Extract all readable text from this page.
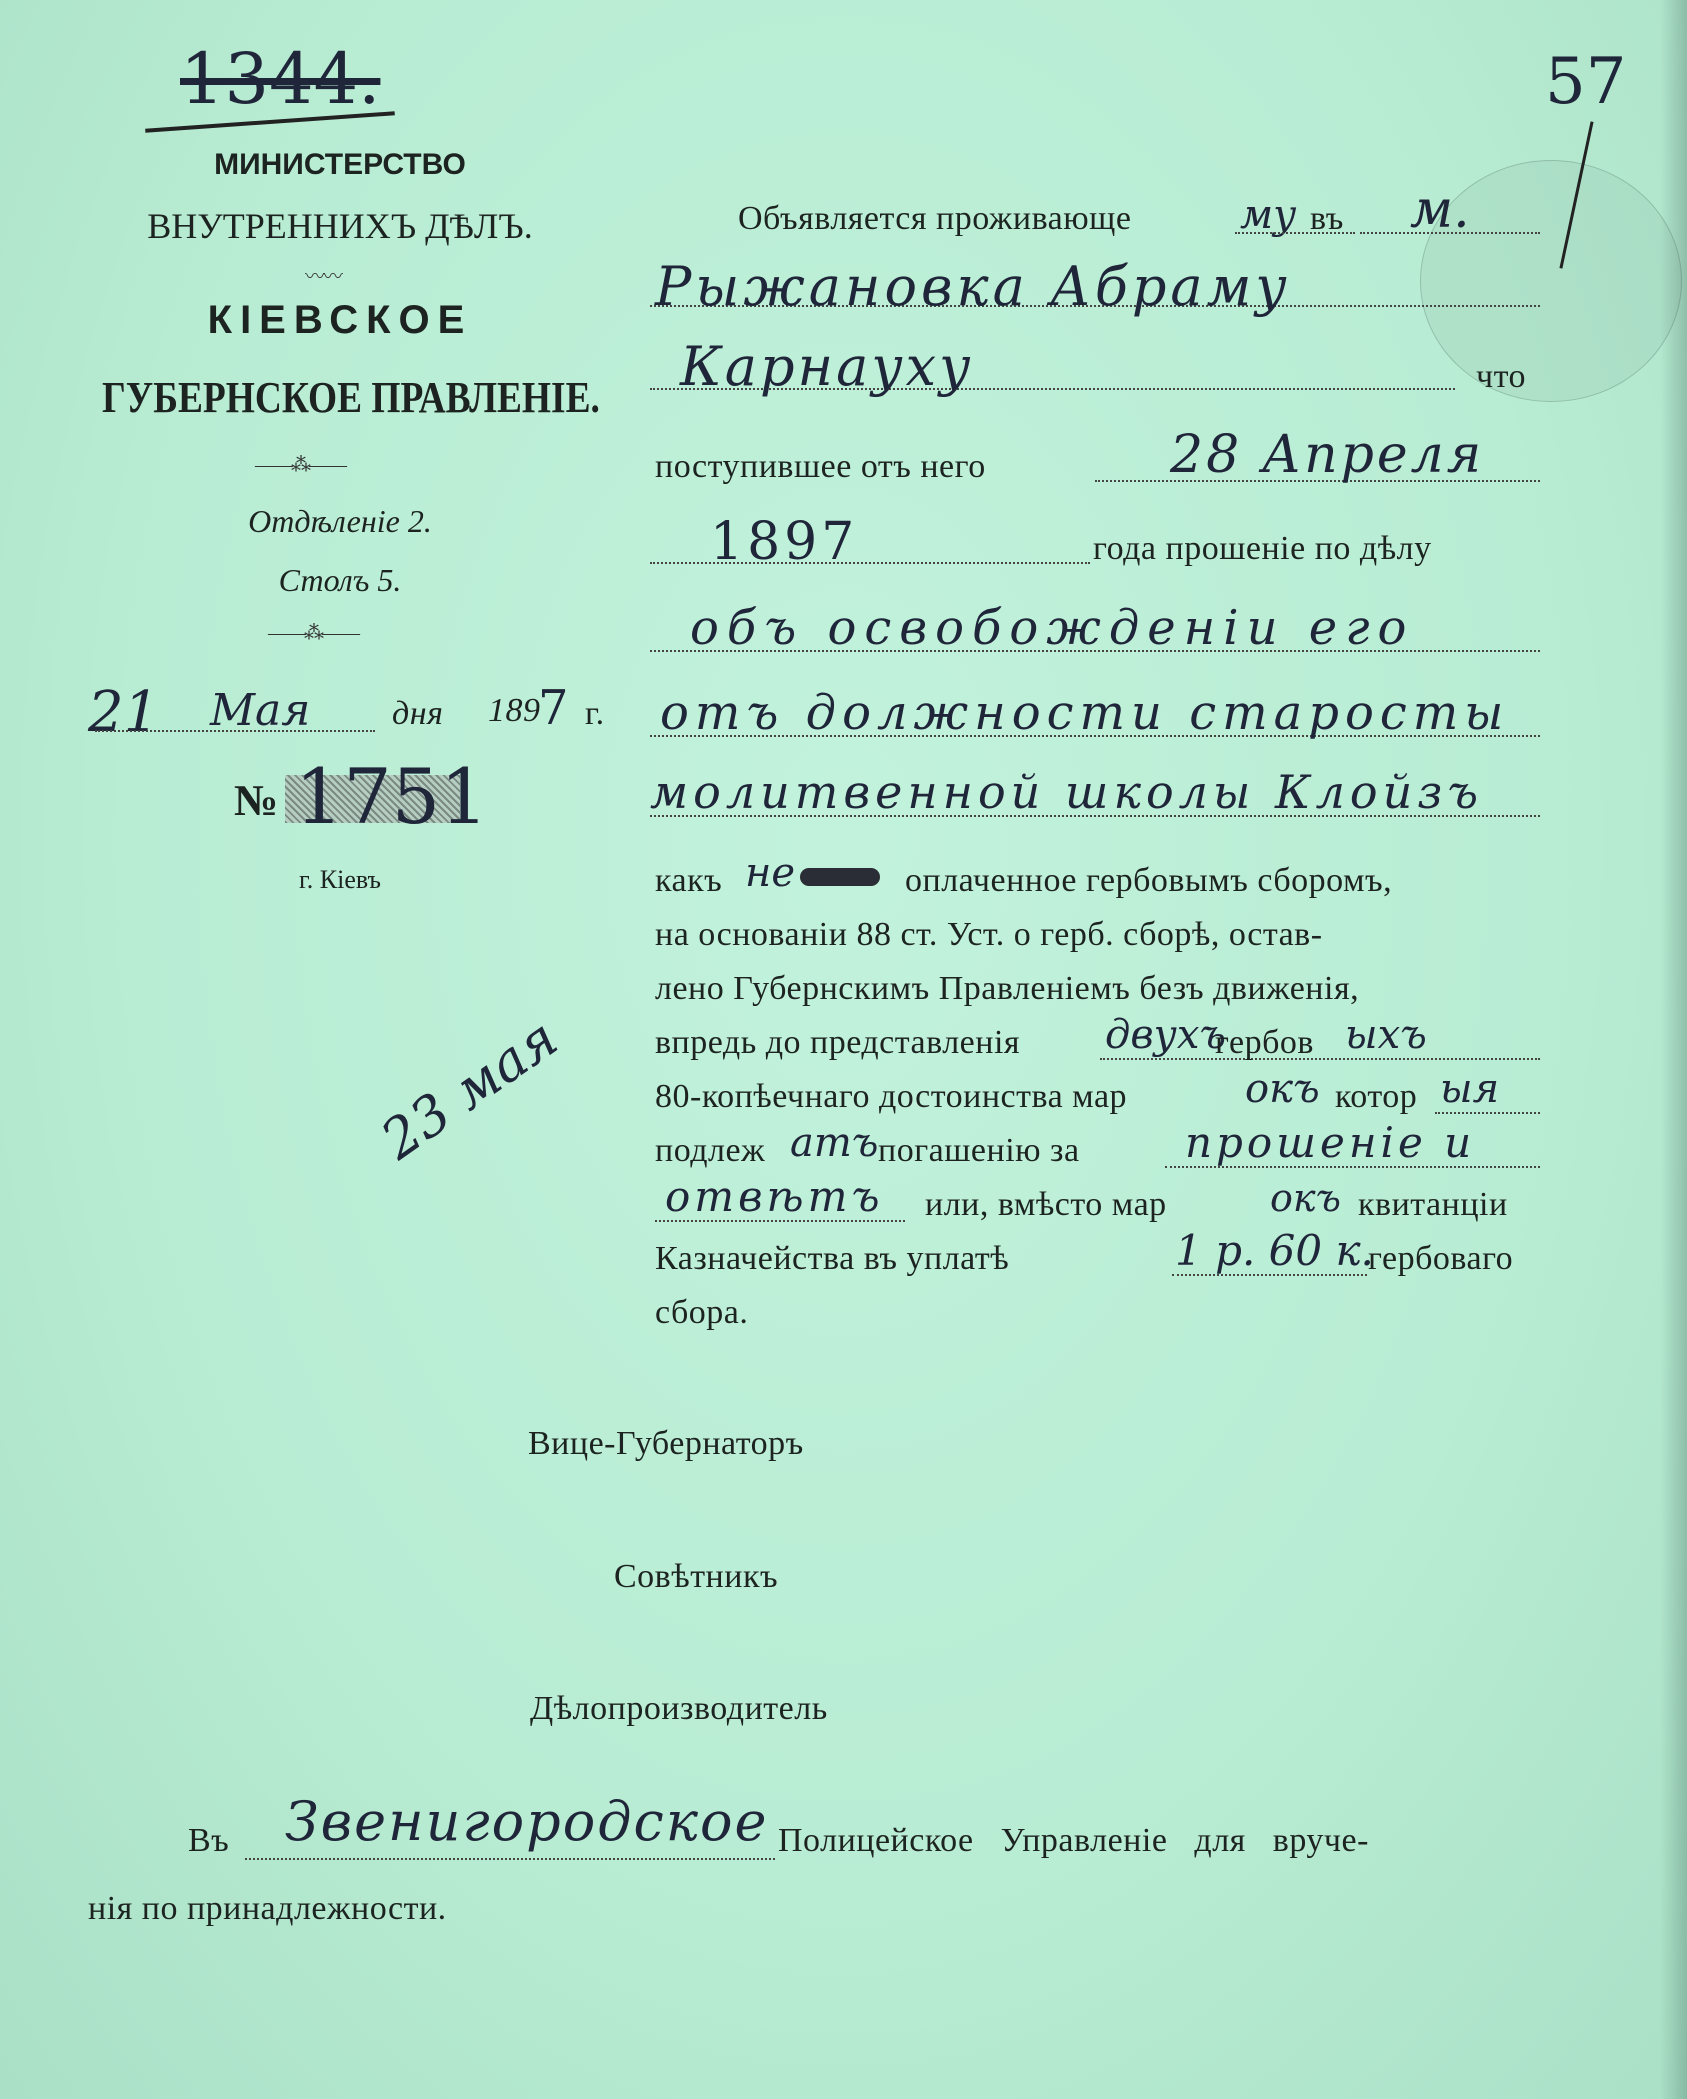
1344.	57
МИНИСТЕРСТВО
ВНУТРЕННИХЪ ДѢЛЪ.
〰〰
КІЕВСКОЕ
ГУБЕРНСКОЕ ПРАВЛЕНІЕ.
——⁂——
Отдѣленіе 2.
Столъ 5.
——⁂——
21 Мая дня 189
7 г.
№ 1751
г. Кіевъ
23 мая
Объявляется проживающе	му въ м.
Рыжановка Абраму
Карнауху	что
поступившее отъ него	28 Апреля
1897	года прошеніе по дѣлу
объ освобожденіи его
отъ должности старосты
молитвенной школы Клойзъ
какъ не	оплаченное гербовымъ сборомъ,
на основаніи 88 ст. Уст. о герб. сборѣ, остав-
лено Губернскимъ Правленіемъ безъ движенія,
впредь до представленія двухъ
гербов ыхъ
80-копѣечнаго достоинства мар	окъ котор ыя
подлеж атъ погашенію за	прошеніе и
отвѣтъ или, вмѣсто мар	окъ квитанціи
Казначейства въ уплатѣ	1 р. 60 к.
гербоваго
сбора.
Вице-Губернаторъ
Совѣтникъ
Дѣлопроизводитель
Въ Звенигородское Полицейское Управленіе для вруче-
нія по принадлежности.
